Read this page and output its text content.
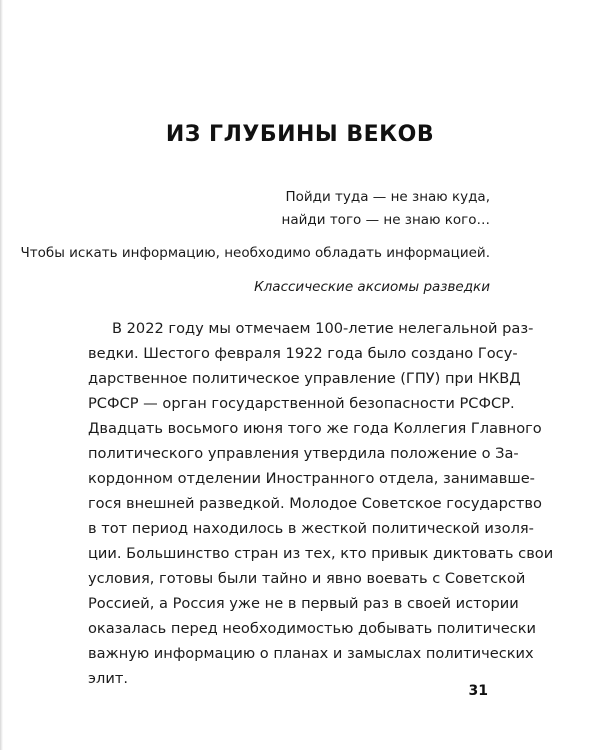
ИЗ ГЛУБИНЫ ВЕКОВ
Пойди туда — не знаю куда,
найди того — не знаю кого…
Чтобы искать информацию, необходимо обладать информацией.
Классические аксиомы разведки
В 2022 году мы отмечаем 100-летие нелегальной раз-
ведки. Шестого февраля 1922 года было создано Госу-
дарственное политическое управление (ГПУ) при НКВД
РСФСР — орган государственной безопасности РСФСР.
Двадцать восьмого июня того же года Коллегия Главного
политического управления утвердила положение о За-
кордонном отделении Иностранного отдела, занимавше-
гося внешней разведкой. Молодое Советское государство
в тот период находилось в жесткой политической изоля-
ции. Большинство стран из тех, кто привык диктовать свои
условия, готовы были тайно и явно воевать с Советской
Россией, а Россия уже не в первый раз в своей истории
оказалась перед необходимостью добывать политически
важную информацию о планах и замыслах политических
элит.
31
